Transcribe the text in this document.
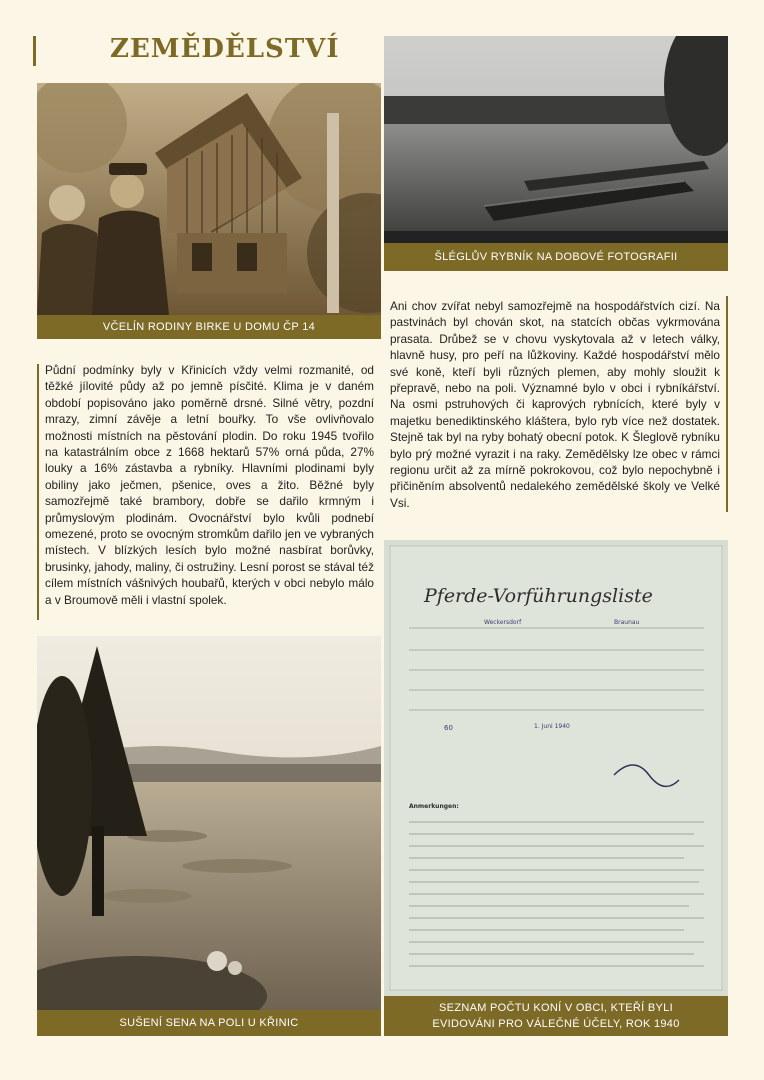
ZEMĚDĚLSTVÍ
VČELÍN RODINY BIRKE U DOMU ČP 14
ŠLÉGLŮV RYBNÍK NA DOBOVÉ FOTOGRAFII

Ani chov zvířat nebyl samozřejmě na hospodářstvích cizí. Na pastvinách byl chován skot, na statcích občas vykrmována prasata. Drůbež se v chovu vyskytovala až v letech války, hlavně husy, pro peří na lůžkoviny. Každé hospodářství mělo své koně, kteří byli různých plemen, aby mohly sloužit k přepravě, nebo na poli. Významné bylo v obci i rybníkářství. Na osmi pstruhových či kaprových rybnících, které byly v majetku benediktinského kláštera, bylo ryb více než dostatek. Stejně tak byl na ryby bohatý obecní potok. K Šleglově rybníku bylo prý možné vyrazit i na raky. Zemědělsky lze obec v rámci regionu určit až za mírně pokrokovou, což bylo nepochybně i přičiněním absolventů nedalekého zemědělské školy ve Velké Vsi.

Půdní podmínky byly v Křinicích vždy velmi rozmanité, od těžké jílovité půdy až po jemně písčité. Klima je v daném období popisováno jako poměrně drsné. Silné větry, pozdní mrazy, zimní závěje a letní bouřky. To vše ovlivňovalo možnosti místních na pěstování plodin. Do roku 1945 tvořilo na katastrálním obce z 1668 hektarů 57% orná půda, 27% louky a 16% zástavba a rybníky. Hlavními plodinami byly obiliny jako ječmen, pšenice, oves a žito. Běžné byly samozřejmě také brambory, dobře se dařilo krmným i průmyslovým plodinám. Ovocnářství bylo kvůli podnebí omezené, proto se ovocným stromkům dařilo jen ve vybraných místech. V blízkých lesích bylo možné nasbírat borůvky, brusinky, jahody, maliny, či ostružiny. Lesní porost se stával též cílem místních vášnivých houbařů, kterých v obci nebylo málo a v Broumově měli i vlastní spolek.

SUŠENÍ SENA NA POLI U KŘINIC
Pferde-Vorführungsliste
Weckersdorf	Braunau
60	1. Juni 1940
Anmerkungen:
SEZNAM POČTU KONÍ V OBCI, KTEŘÍ BYLI
EVIDOVÁNI PRO VÁLEČNÉ ÚČELY, ROK 1940
